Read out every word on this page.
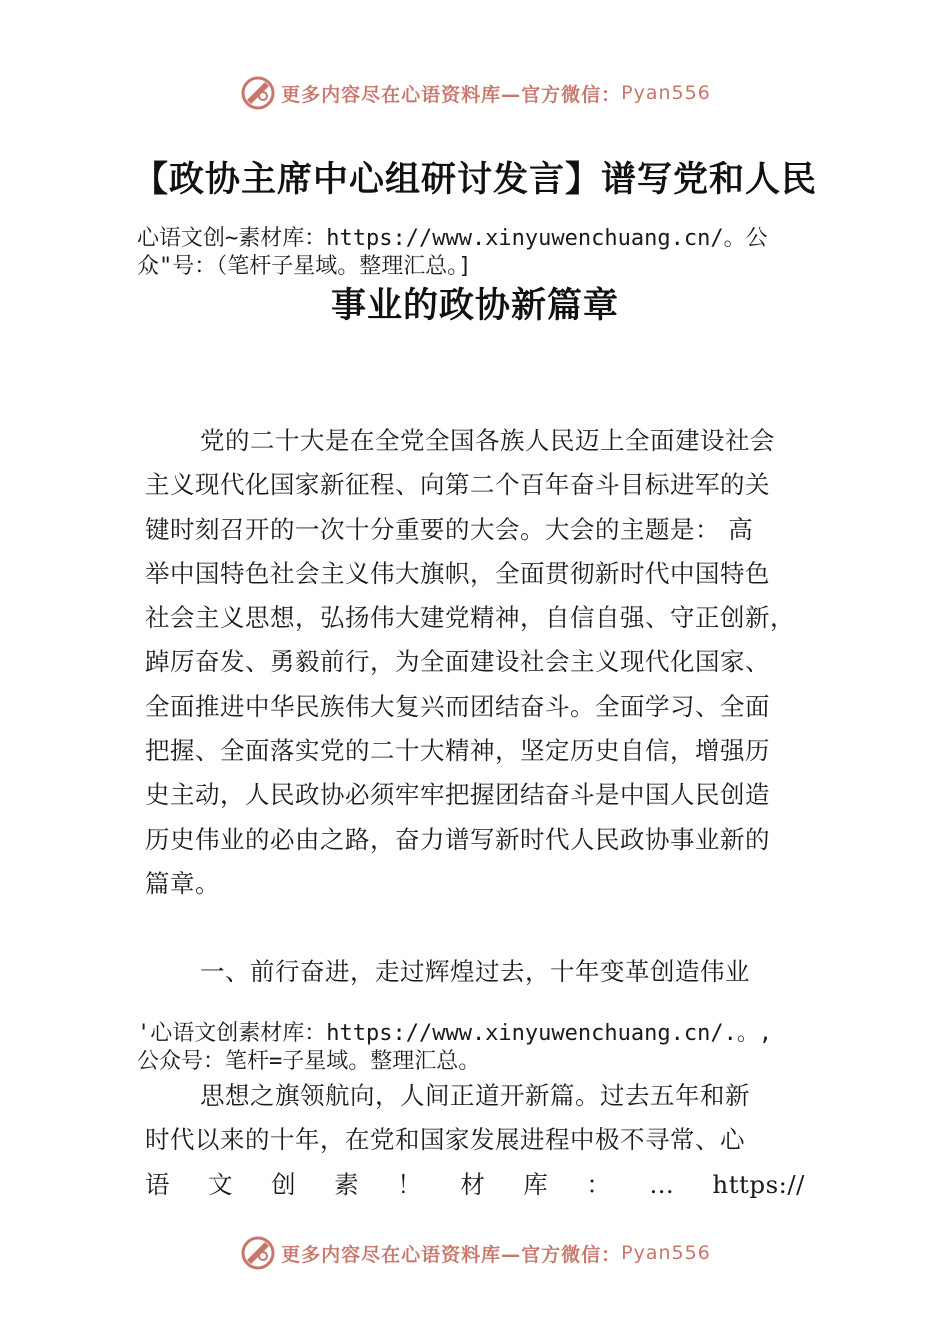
更多内容尽在心语资料库—官方微信： Pyan556
【政协主席中心组研讨发言】谱写党和人民
心语文创~素材库：https://www.xinyuwenchuang.cn/。公
众"号：（笔杆子星域。整理汇总。]
事业的政协新篇章

党的二十大是在全党全国各族人民迈上全面建设社会

主义现代化国家新征程、向第二个百年奋斗目标进军的关

键时刻召开的一次十分重要的大会。大会的主题是： 高

举中国特色社会主义伟大旗帜，全面贯彻新时代中国特色

社会主义思想，弘扬伟大建党精神，自信自强、守正创新，

踔厉奋发、勇毅前行，为全面建设社会主义现代化国家、

全面推进中华民族伟大复兴而团结奋斗。全面学习、全面

把握、全面落实党的二十大精神，坚定历史自信，增强历

史主动，人民政协必须牢牢把握团结奋斗是中国人民创造

历史伟业的必由之路，奋力谱写新时代人民政协事业新的

篇章。

一、前行奋进，走过辉煌过去，十年变革创造伟业
'心语文创素材库：https://www.xinyuwenchuang.cn/.。,
公众号：笔杆=子星域。整理汇总。

思想之旗领航向，人间正道开新篇。过去五年和新

时代以来的十年，在党和国家发展进程中极不寻常、心

语 文 创 素 ！ 材 库 ： … https://

更多内容尽在心语资料库—官方微信： Pyan556
